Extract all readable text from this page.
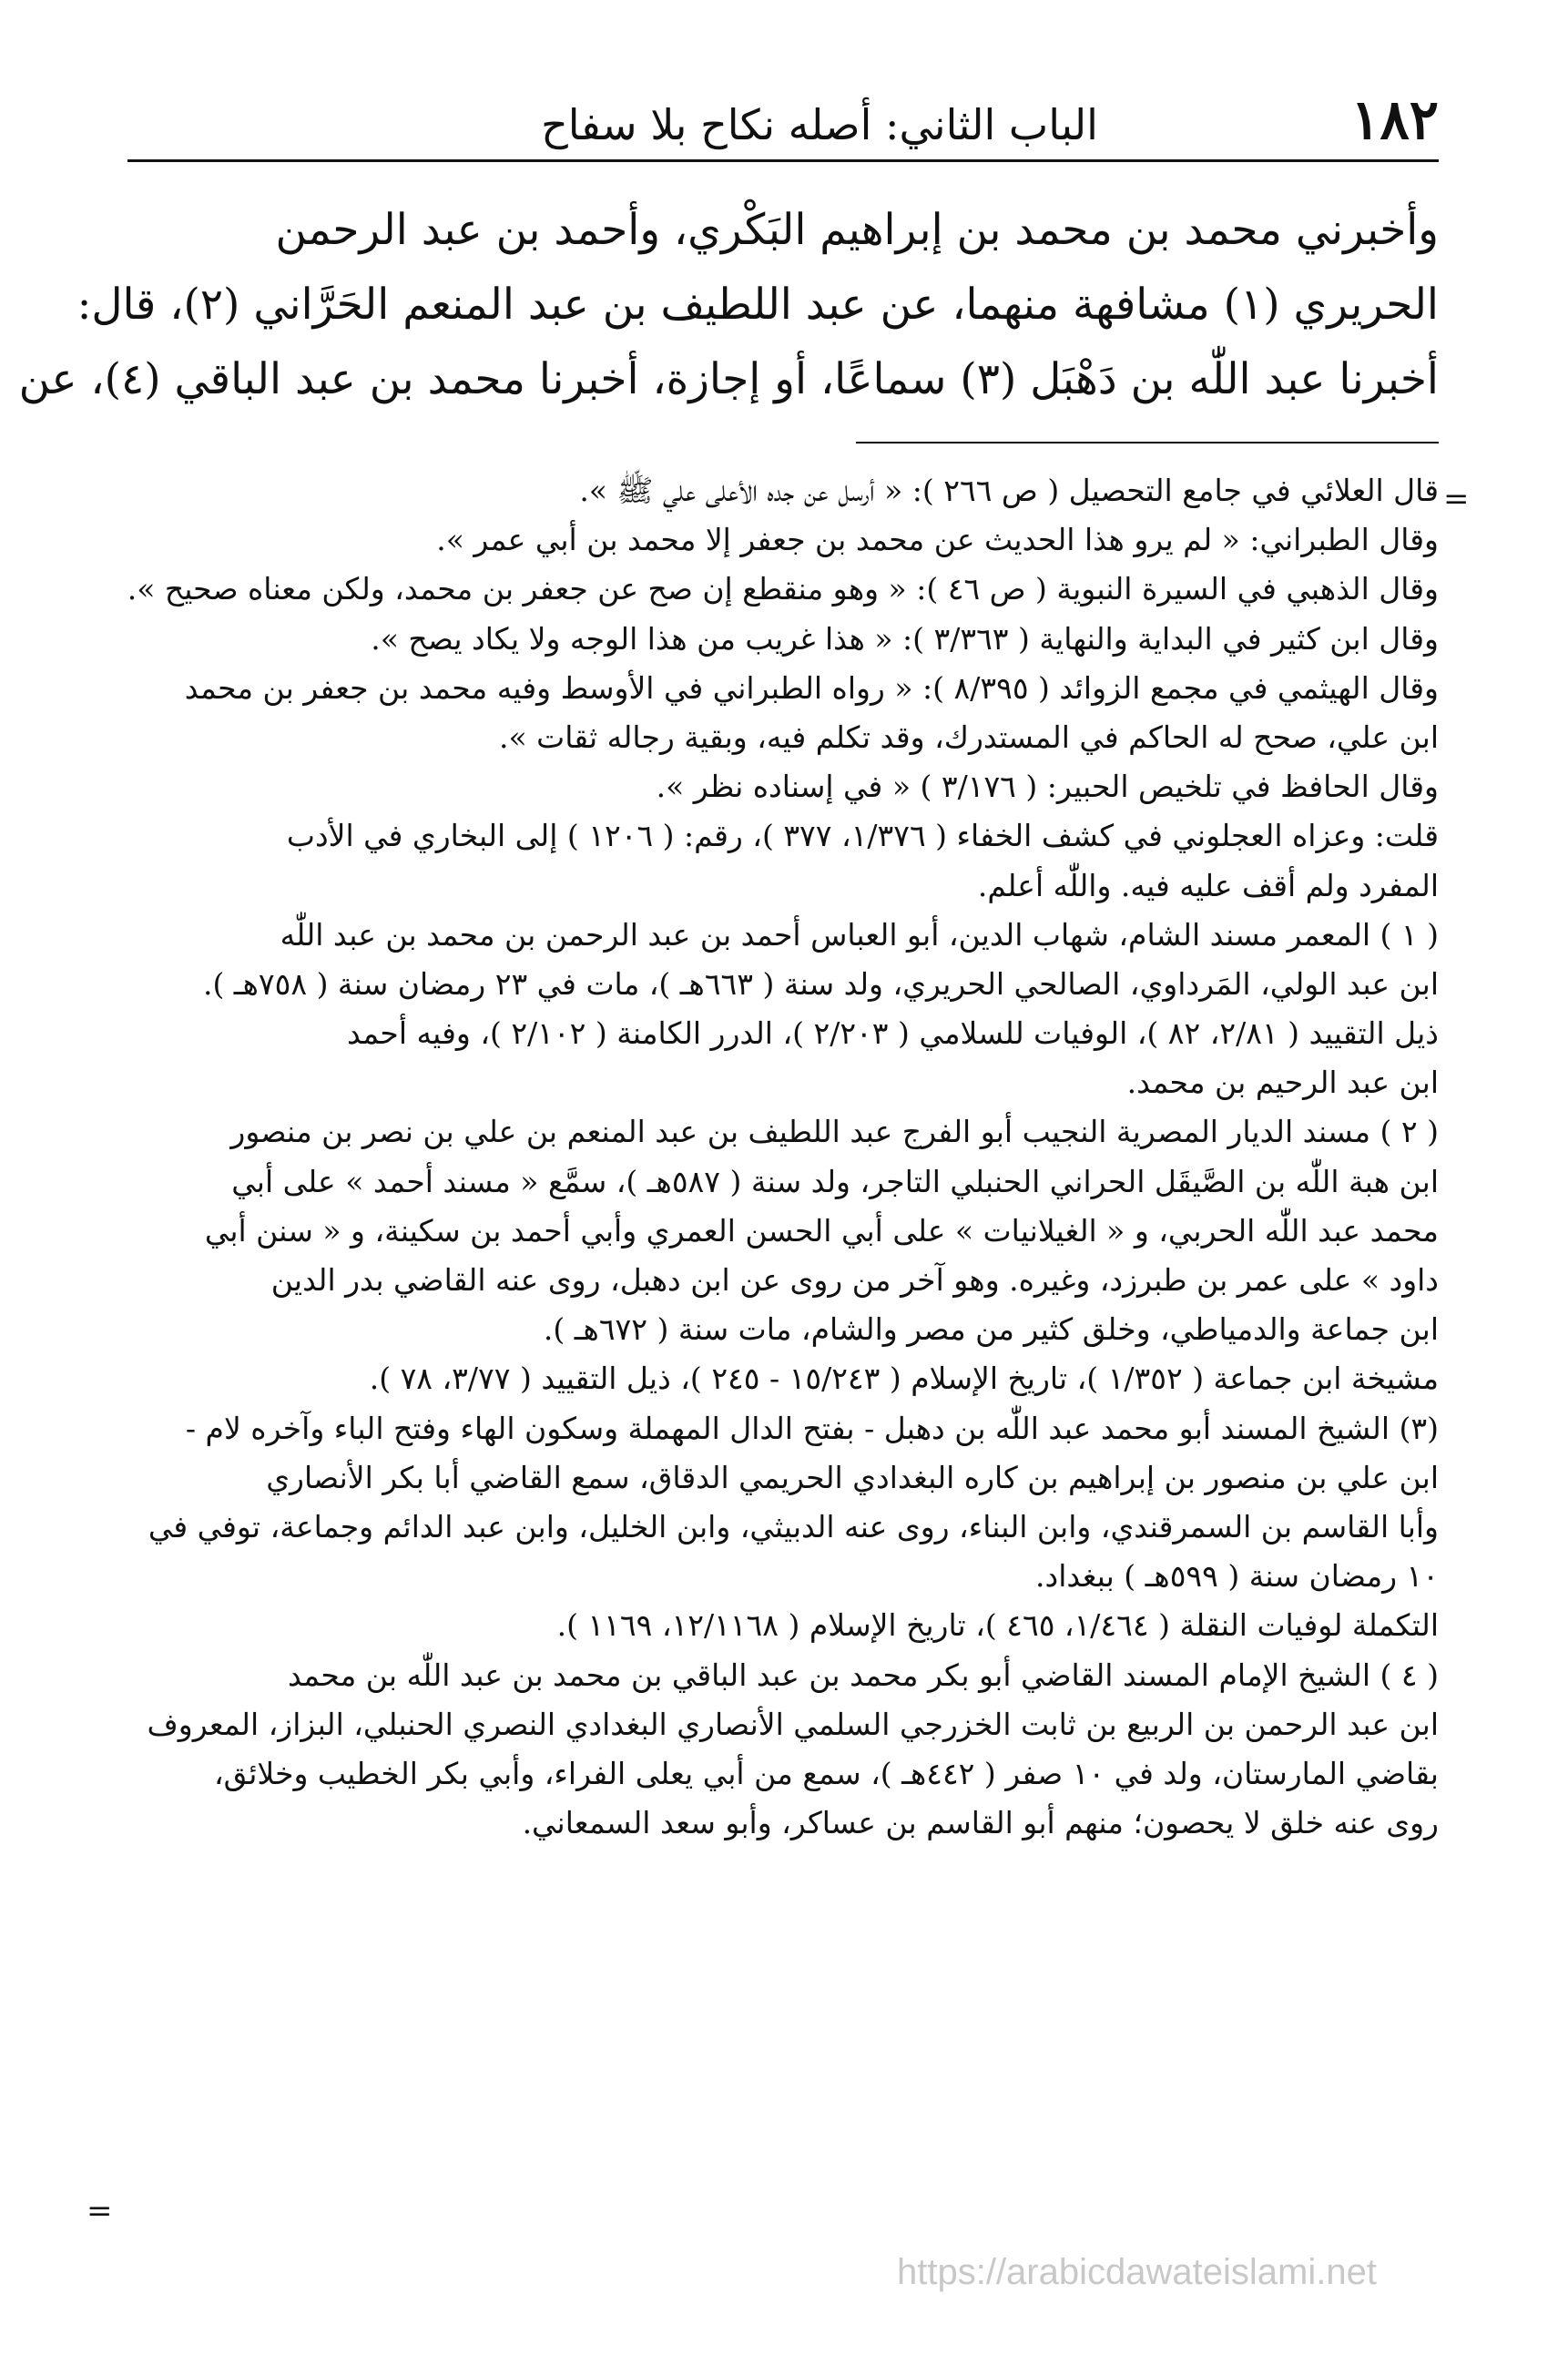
١٨٢
الباب الثاني: أصله نكاح بلا سفاح
وأخبرني محمد بن محمد بن إبراهيم البَكْري، وأحمد بن عبد الرحمن
الحريري (١) مشافهة منهما، عن عبد اللطيف بن عبد المنعم الحَرَّاني (٢)، قال:
أخبرنا عبد اللّٰه بن دَهْبَل (٣) سماعًا، أو إجازة، أخبرنا محمد بن عبد الباقي (٤)، عن
=
قال العلائي في جامع التحصيل ( ص ٢٦٦ ): « أرسل عن جده الأعلى علي ﷺ ».
وقال الطبراني: « لم يرو هذا الحديث عن محمد بن جعفر إلا محمد بن أبي عمر ».
وقال الذهبي في السيرة النبوية ( ص ٤٦ ): « وهو منقطع إن صح عن جعفر بن محمد، ولكن معناه صحيح ».
وقال ابن كثير في البداية والنهاية ( ٣/٣٦٣ ): « هذا غريب من هذا الوجه ولا يكاد يصح ».
وقال الهيثمي في مجمع الزوائد ( ٨/٣٩٥ ): « رواه الطبراني في الأوسط وفيه محمد بن جعفر بن محمد
ابن علي، صحح له الحاكم في المستدرك، وقد تكلم فيه، وبقية رجاله ثقات ».
وقال الحافظ في تلخيص الحبير: ( ٣/١٧٦ ) « في إسناده نظر ».
قلت: وعزاه العجلوني في كشف الخفاء ( ١/٣٧٦، ٣٧٧ )، رقم: ( ١٢٠٦ ) إلى البخاري في الأدب
المفرد ولم أقف عليه فيه. واللّٰه أعلم.
( ١ ) المعمر مسند الشام، شهاب الدين، أبو العباس أحمد بن عبد الرحمن بن محمد بن عبد اللّٰه
ابن عبد الولي، المَرداوي، الصالحي الحريري، ولد سنة ( ٦٦٣هـ )، مات في ٢٣ رمضان سنة ( ٧٥٨هـ ).
ذيل التقييد ( ٢/٨١، ٨٢ )، الوفيات للسلامي ( ٢/٢٠٣ )، الدرر الكامنة ( ٢/١٠٢ )، وفيه أحمد
ابن عبد الرحيم بن محمد.
( ٢ ) مسند الديار المصرية النجيب أبو الفرج عبد اللطيف بن عبد المنعم بن علي بن نصر بن منصور
ابن هبة اللّٰه بن الصَّيقَل الحراني الحنبلي التاجر، ولد سنة ( ٥٨٧هـ )، سمَّع « مسند أحمد » على أبي
محمد عبد اللّٰه الحربي، و « الغيلانيات » على أبي الحسن العمري وأبي أحمد بن سكينة، و « سنن أبي
داود » على عمر بن طبرزد، وغيره. وهو آخر من روى عن ابن دهبل، روى عنه القاضي بدر الدين
ابن جماعة والدمياطي، وخلق كثير من مصر والشام، مات سنة ( ٦٧٢هـ ).
مشيخة ابن جماعة ( ١/٣٥٢ )، تاريخ الإسلام ( ١٥/٢٤٣ - ٢٤٥ )، ذيل التقييد ( ٣/٧٧، ٧٨ ).
(٣) الشيخ المسند أبو محمد عبد اللّٰه بن دهبل - بفتح الدال المهملة وسكون الهاء وفتح الباء وآخره لام -
ابن علي بن منصور بن إبراهيم بن كاره البغدادي الحريمي الدقاق، سمع القاضي أبا بكر الأنصاري
وأبا القاسم بن السمرقندي، وابن البناء، روى عنه الدبيثي، وابن الخليل، وابن عبد الدائم وجماعة، توفي في
١٠ رمضان سنة ( ٥٩٩هـ ) ببغداد.
التكملة لوفيات النقلة ( ١/٤٦٤، ٤٦٥ )، تاريخ الإسلام ( ١٢/١١٦٨، ١١٦٩ ).
( ٤ ) الشيخ الإمام المسند القاضي أبو بكر محمد بن عبد الباقي بن محمد بن عبد اللّٰه بن محمد
ابن عبد الرحمن بن الربيع بن ثابت الخزرجي السلمي الأنصاري البغدادي النصري الحنبلي، البزاز، المعروف
بقاضي المارستان، ولد في ١٠ صفر ( ٤٤٢هـ )، سمع من أبي يعلى الفراء، وأبي بكر الخطيب وخلائق،
روى عنه خلق لا يحصون؛ منهم أبو القاسم بن عساكر، وأبو سعد السمعاني.
=
https://arabicdawateislami.net
